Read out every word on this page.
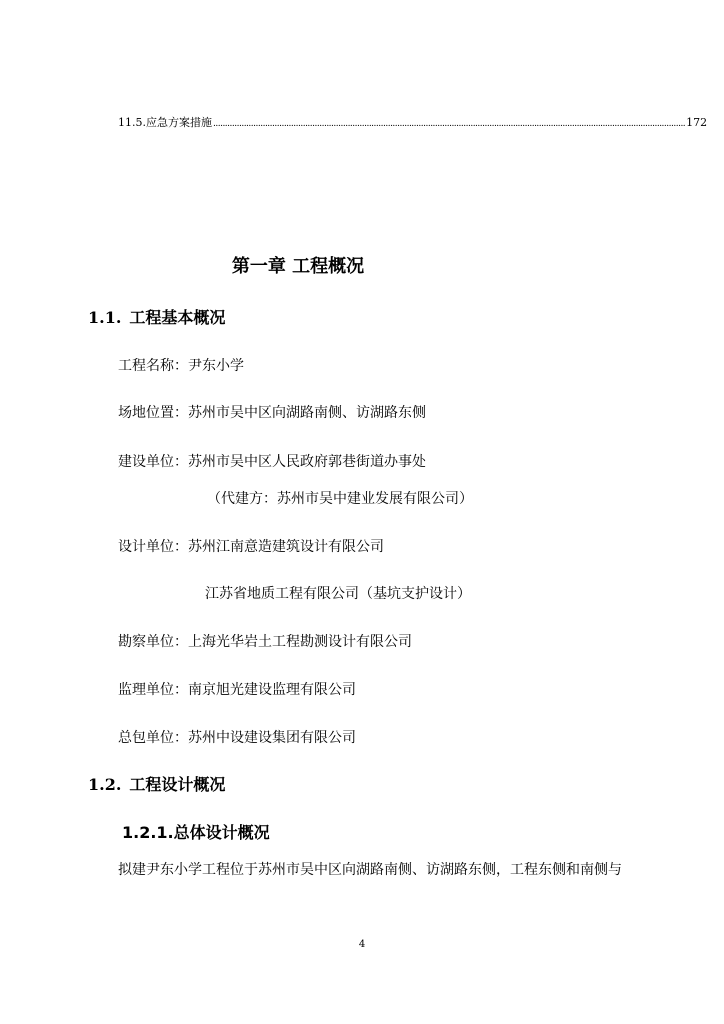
11.5.应急方案措施 ........................................................................................................................................................................................................ 172
第一章 工程概况
1.1. 工程基本概况
工程名称：尹东小学
场地位置：苏州市吴中区向湖路南侧、访湖路东侧
建设单位：苏州市吴中区人民政府郭巷街道办事处
（代建方：苏州市吴中建业发展有限公司）
设计单位：苏州江南意造建筑设计有限公司
江苏省地质工程有限公司（基坑支护设计）
勘察单位：上海光华岩土工程勘测设计有限公司
监理单位：南京旭光建设监理有限公司
总包单位：苏州中设建设集团有限公司
1.2. 工程设计概况
1.2.1.总体设计概况
拟建尹东小学工程位于苏州市吴中区向湖路南侧、访湖路东侧，工程东侧和南侧与
4
